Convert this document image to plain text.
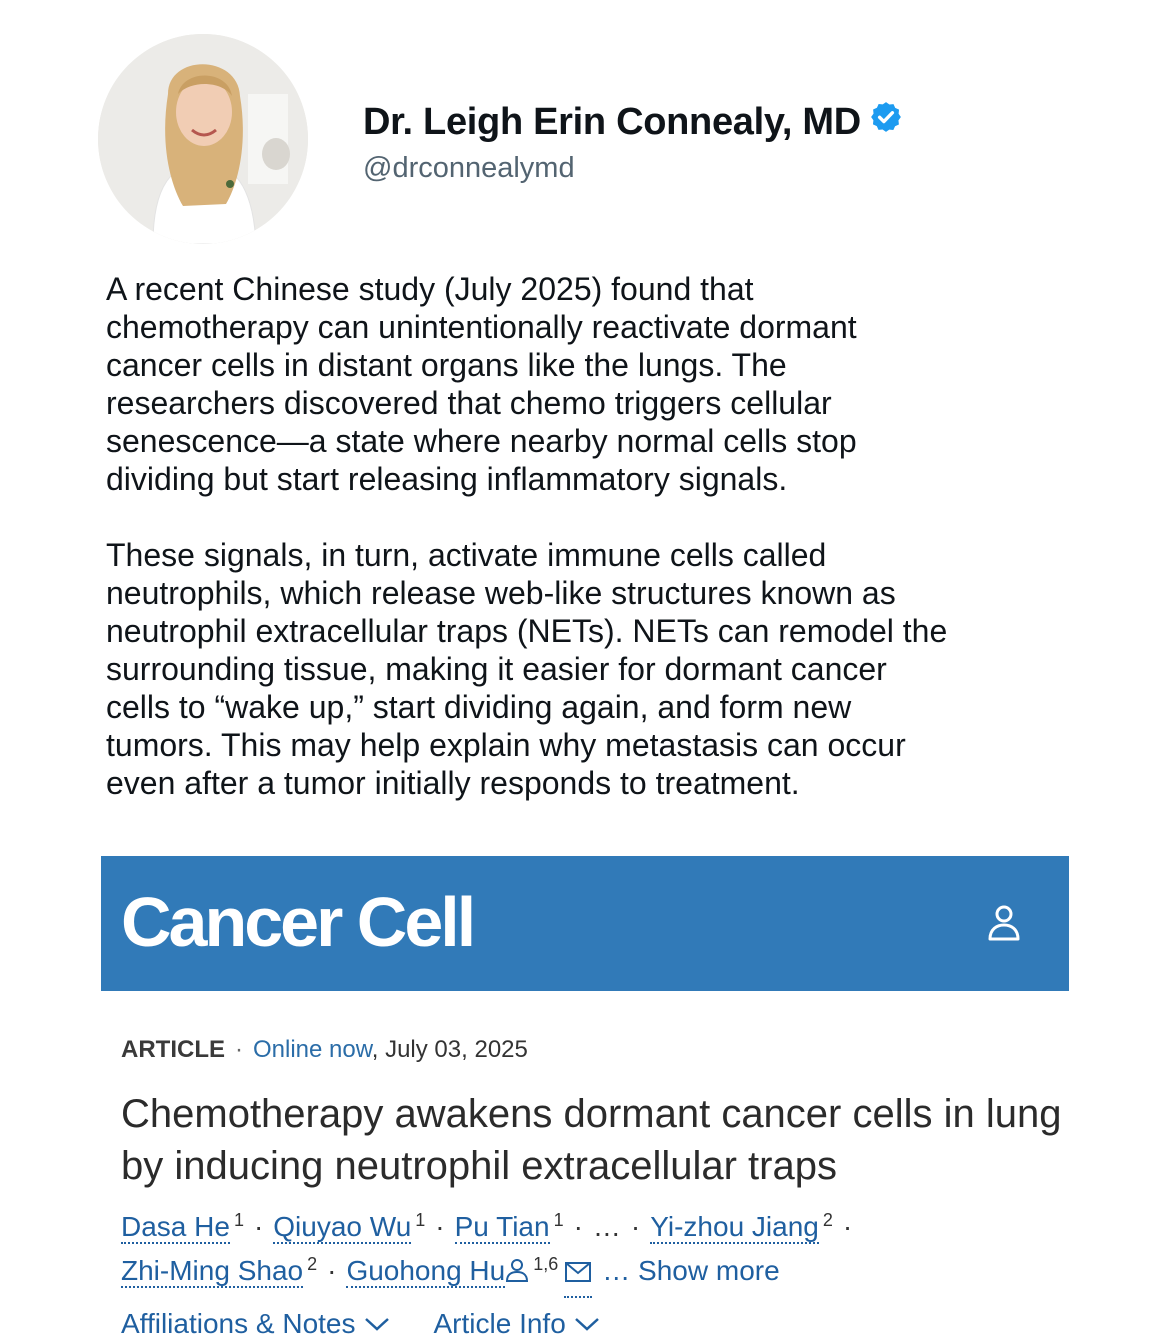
Dr. Leigh Erin Connealy, MD
@drconnealymd

A recent Chinese study (July 2025) found that
chemotherapy can unintentionally reactivate dormant
cancer cells in distant organs like the lungs. The
researchers discovered that chemo triggers cellular
senescence—a state where nearby normal cells stop
dividing but start releasing inflammatory signals.

These signals, in turn, activate immune cells called
neutrophils, which release web-like structures known as
neutrophil extracellular traps (NETs). NETs can remodel the
surrounding tissue, making it easier for dormant cancer
cells to “wake up,” start dividing again, and form new
tumors. This may help explain why metastasis can occur
even after a tumor initially responds to treatment.

Cancer Cell
ARTICLE · Online now, July 03, 2025
Chemotherapy awakens dormant cancer cells in lung by inducing neutrophil extracellular traps
Dasa He $^1$ · Qiuyao Wu $^1$ · Pu Tian $^1$ · … · Yi-zhou Jiang $^2$ ·
Zhi-Ming Shao $^2$ · Guohong Hu $^{1,6}$ … Show more
Affiliations & Notes	Article Info
